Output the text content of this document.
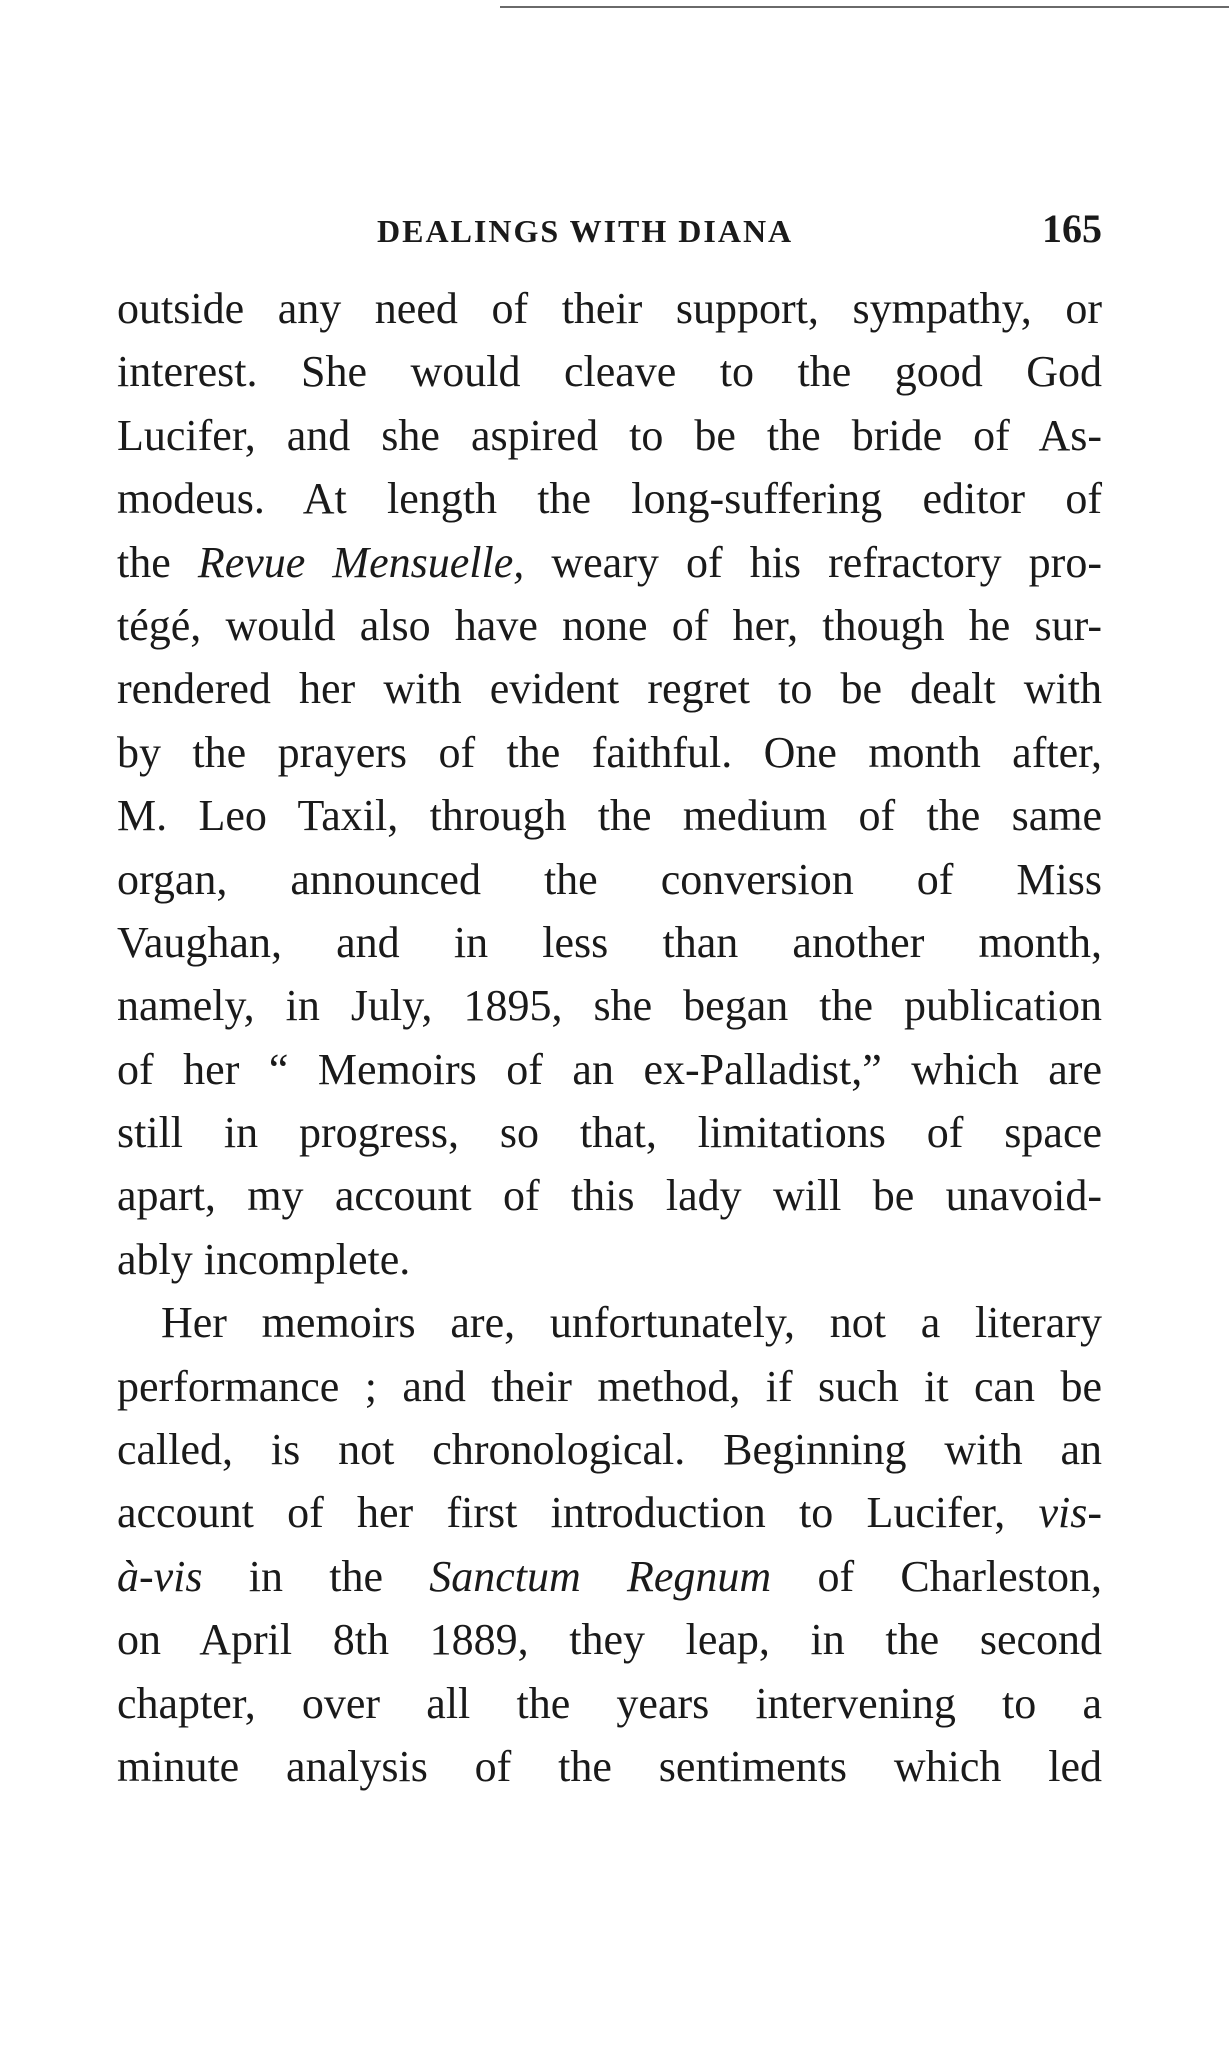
DEALINGS WITH DIANA	165
outside any need of their support, sympathy, or
interest. She would cleave to the good God
Lucifer, and she aspired to be the bride of As-
modeus. At length the long-suffering editor of
the Revue Mensuelle, weary of his refractory pro-
tégé, would also have none of her, though he sur-
rendered her with evident regret to be dealt with
by the prayers of the faithful. One month after,
M. Leo Taxil, through the medium of the same
organ, announced the conversion of Miss
Vaughan, and in less than another month,
namely, in July, 1895, she began the publication
of her “ Memoirs of an ex-Palladist,” which are
still in progress, so that, limitations of space
apart, my account of this lady will be unavoid-
ably incomplete.
Her memoirs are, unfortunately, not a literary
performance ; and their method, if such it can be
called, is not chronological. Beginning with an
account of her first introduction to Lucifer, vis-
à-vis in the Sanctum Regnum of Charleston,
on April 8th 1889, they leap, in the second
chapter, over all the years intervening to a
minute analysis of the sentiments which led
